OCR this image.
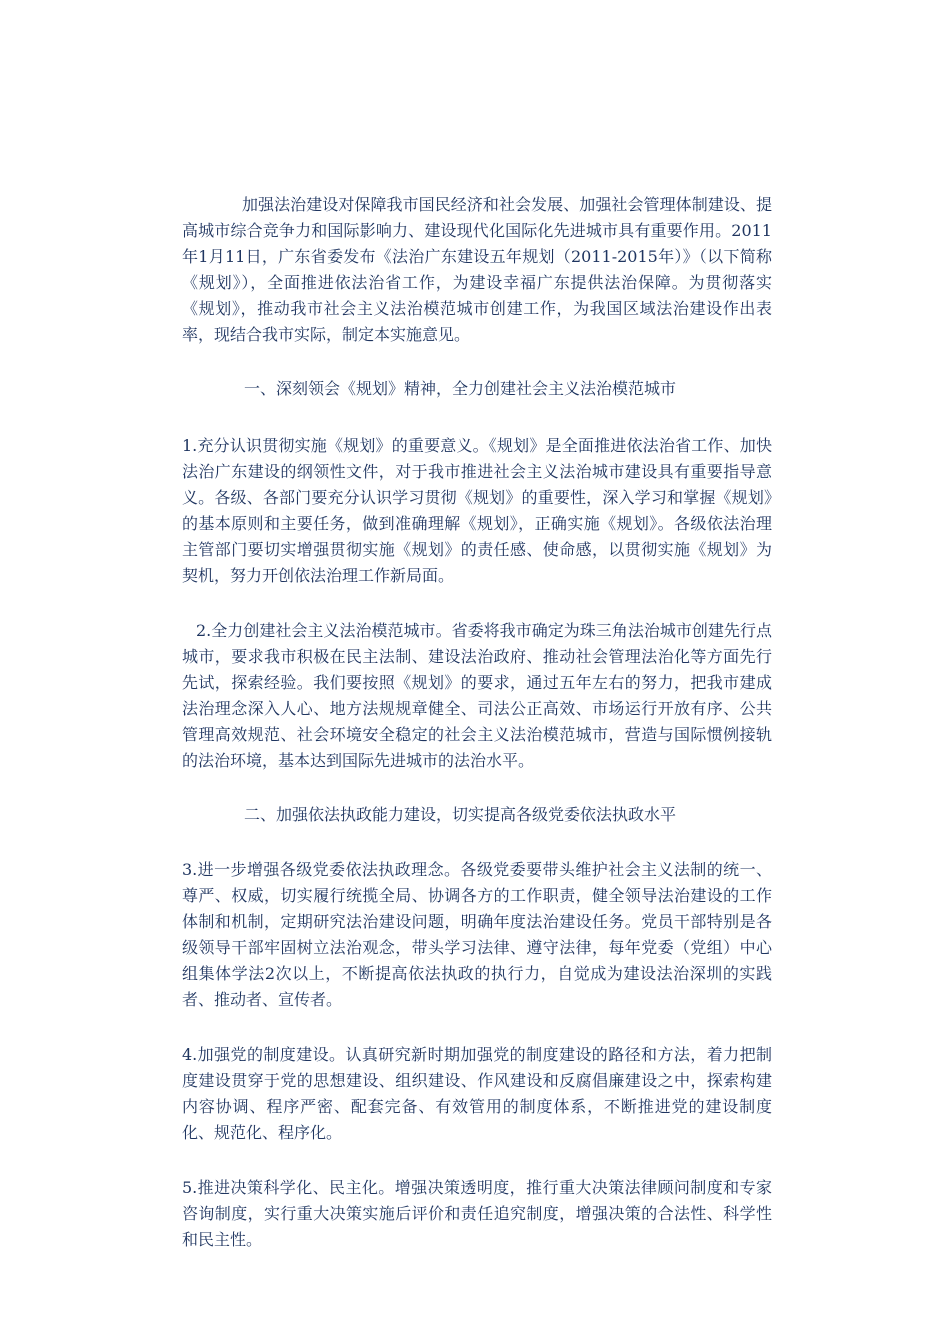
加强法治建设对保障我市国民经济和社会发展、加强社会管理体制建设、提高城市综合竞争力和国际影响力、建设现代化国际化先进城市具有重要作用。2011年1月11日，广东省委发布《法治广东建设五年规划（2011-2015年）》（以下简称《规划》），全面推进依法治省工作，为建设幸福广东提供法治保障。为贯彻落实《规划》，推动我市社会主义法治模范城市创建工作，为我国区域法治建设作出表率，现结合我市实际，制定本实施意见。

一、深刻领会《规划》精神，全力创建社会主义法治模范城市

1.充分认识贯彻实施《规划》的重要意义。《规划》是全面推进依法治省工作、加快法治广东建设的纲领性文件，对于我市推进社会主义法治城市建设具有重要指导意义。各级、各部门要充分认识学习贯彻《规划》的重要性，深入学习和掌握《规划》的基本原则和主要任务，做到准确理解《规划》，正确实施《规划》。各级依法治理主管部门要切实增强贯彻实施《规划》的责任感、使命感，以贯彻实施《规划》为契机，努力开创依法治理工作新局面。

2.全力创建社会主义法治模范城市。省委将我市确定为珠三角法治城市创建先行点城市，要求我市积极在民主法制、建设法治政府、推动社会管理法治化等方面先行先试，探索经验。我们要按照《规划》的要求，通过五年左右的努力，把我市建成法治理念深入人心、地方法规规章健全、司法公正高效、市场运行开放有序、公共管理高效规范、社会环境安全稳定的社会主义法治模范城市，营造与国际惯例接轨的法治环境，基本达到国际先进城市的法治水平。

二、加强依法执政能力建设，切实提高各级党委依法执政水平

3.进一步增强各级党委依法执政理念。各级党委要带头维护社会主义法制的统一、尊严、权威，切实履行统揽全局、协调各方的工作职责，健全领导法治建设的工作体制和机制，定期研究法治建设问题，明确年度法治建设任务。党员干部特别是各级领导干部牢固树立法治观念，带头学习法律、遵守法律，每年党委（党组）中心组集体学法2次以上，不断提高依法执政的执行力，自觉成为建设法治深圳的实践者、推动者、宣传者。

4.加强党的制度建设。认真研究新时期加强党的制度建设的路径和方法，着力把制度建设贯穿于党的思想建设、组织建设、作风建设和反腐倡廉建设之中，探索构建内容协调、程序严密、配套完备、有效管用的制度体系，不断推进党的建设制度化、规范化、程序化。

5.推进决策科学化、民主化。增强决策透明度，推行重大决策法律顾问制度和专家咨询制度，实行重大决策实施后评价和责任追究制度，增强决策的合法性、科学性和民主性。
